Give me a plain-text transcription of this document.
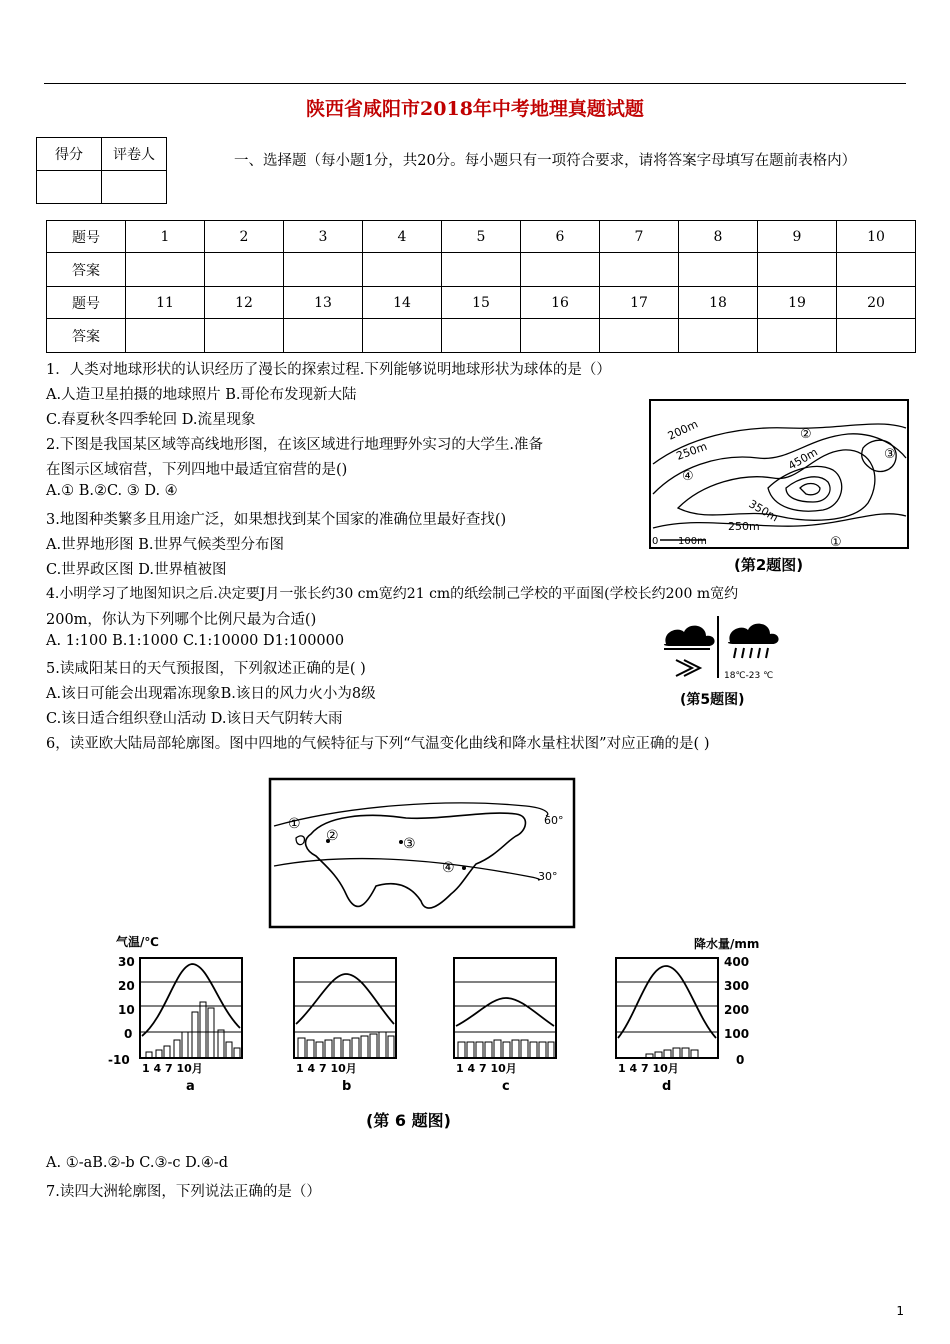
陕西省咸阳市2018年中考地理真题试题
得分	评卷人
		一、选择题（每小题1分，共20分。每小题只有一项符合要求，请将答案字母填写在题前表格内）
题号	1	2	3	4	5	6	7	8	9	10
答案										
题号	11	12	13	14	15	16	17	18	19	20
答案										
1．人类对地球形状的认识经历了漫长的探索过程.下列能够说明地球形状为球体的是（）
A.人造卫星拍摄的地球照片 B.哥伦布发现新大陆
C.春夏秋冬四季轮回 D.流星现象
2.下图是我国某区域等高线地形图，在该区域进行地理野外实习的大学生.准备
在图示区域宿营，下列四地中最适宜宿营的是()
A.① B.②C. ③ D. ④
3.地图种类繁多且用途广泛，如果想找到某个国家的准确位里最好查找()
A.世界地形图 B.世界气候类型分布图
C.世界政区图 D.世界植被图
4.小明学习了地图知识之后.决定要J月一张长约30 cm宽约21 cm的纸绘制己学校的平面图(学校长约200 m宽约
200m，你认为下列哪个比例尺最为合适()
A. 1:100 B.1:1000 C.1:10000 D1:100000
5.读咸阳某日的天气预报图，下列叙述正确的是( )
A.该日可能会出现霜冻现象B.该日的风力火小为8级
C.该日适合组织登山活动 D.该日天气阴转大雨
6，读亚欧大陆局部轮廓图。图中四地的气候特征与下列“气温变化曲线和降水量柱状图”对应正确的是( )
A. ①-aB.②-b C.③-c D.④-d
7.读四大洲轮廓图，下列说法正确的是（）
200m
250m	450m
350m
250m
0 100m	①
②
③
④
(第2题图)
18℃-23 ℃
(第5题图)
①
②	③
④
60°
30°
气温/℃	降水量/mm
30
20
10
0
-10
400
300
200
100
0
1 4 7 10月	1 4 7 10月	1 4 7 10月	1 4 7 10月
a	b	c	d
(第 6 题图)
1
